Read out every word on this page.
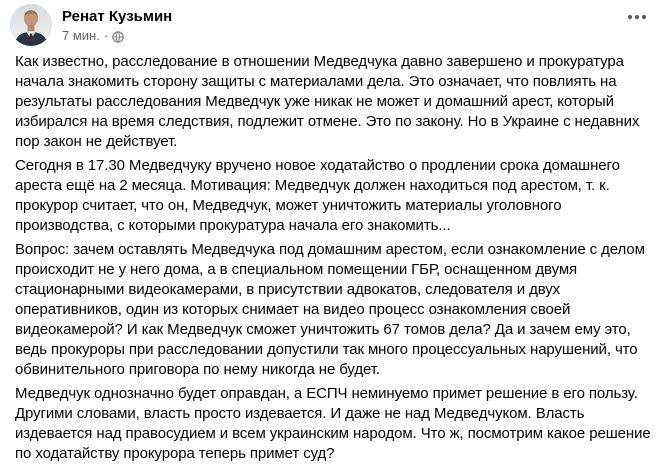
Ренат Кузьмин
7 мин. ·

Как известно, расследование в отношении Медведчука давно завершено и прокуратура начала знакомить сторону защиты с материалами дела. Это означает, что повлиять на результаты расследования Медведчук уже никак не может и домашний арест, который избирался на время следствия, подлежит отмене. Это по закону. Но в Украине с недавних пор закон не действует.

Сегодня в 17.30 Медведчуку вручено новое ходатайство о продлении срока домашнего ареста ещё на 2 месяца. Мотивация: Медведчук должен находиться под арестом, т. к. прокурор считает, что он, Медведчук, может уничтожить материалы уголовного производства, с которыми прокуратура начала его знакомить...

Вопрос: зачем оставлять Медведчука под домашним арестом, если ознакомление с делом происходит не у него дома, а в специальном помещении ГБР, оснащенном двумя стационарными видеокамерами, в присутствии адвокатов, следователя и двух оперативников, один из которых снимает на видео процесс ознакомления своей видеокамерой? И как Медведчук сможет уничтожить 67 томов дела? Да и зачем ему это, ведь прокуроры при расследовании допустили так много процессуальных нарушений, что обвинительного приговора по нему никогда не будет.

Медведчук однозначно будет оправдан, а ЕСПЧ неминуемо примет решение в его пользу. Другими словами, власть просто издевается. И даже не над Медведчуком. Власть издевается над правосудием и всем украинским народом. Что ж, посмотрим какое решение по ходатайству прокурора теперь примет суд?
